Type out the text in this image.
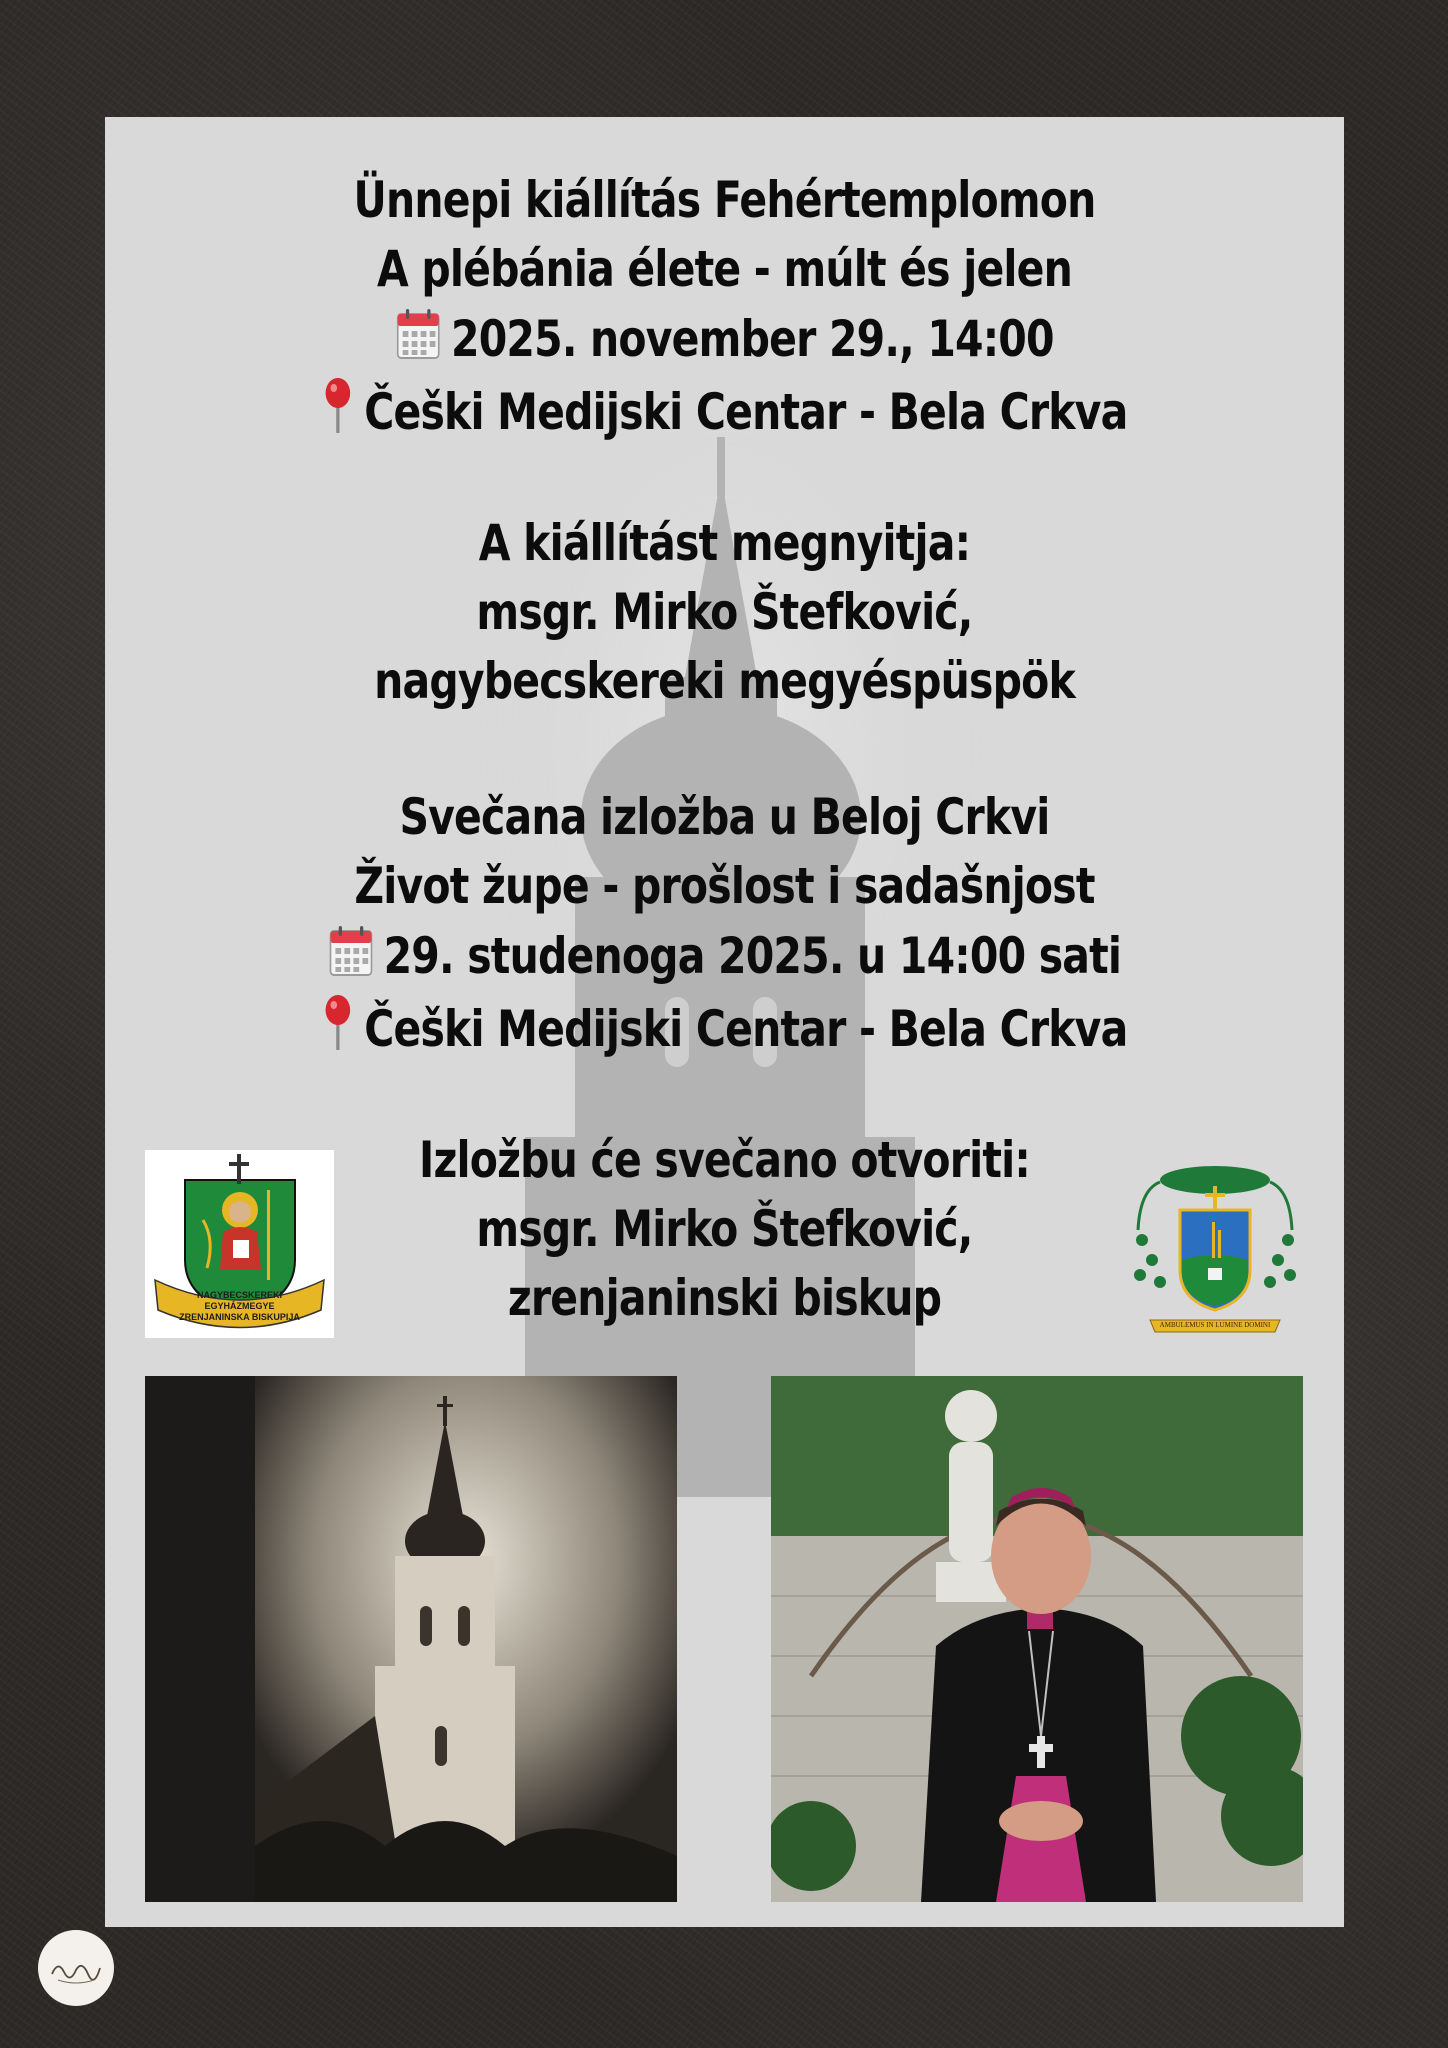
Ünnepi kiállítás Fehértemplomon
A plébánia élete - múlt és jelen
2025. november 29., 14:00
Češki Medijski Centar - Bela Crkva
A kiállítást megnyitja:
msgr. Mirko Štefković,
nagybecskereki megyéspüspök
Svečana izložba u Beloj Crkvi
Život župe - prošlost i sadašnjost
29. studenoga 2025. u 14:00 sati
Češki Medijski Centar - Bela Crkva
Izložbu će svečano otvoriti:
msgr. Mirko Štefković,
zrenjaninski biskup
NAGYBECSKEREKI EGYHÁZMEGYE
ZRENJANINSKA BISKUPIJA
AMBULEMUS IN LUMINE DOMINI
